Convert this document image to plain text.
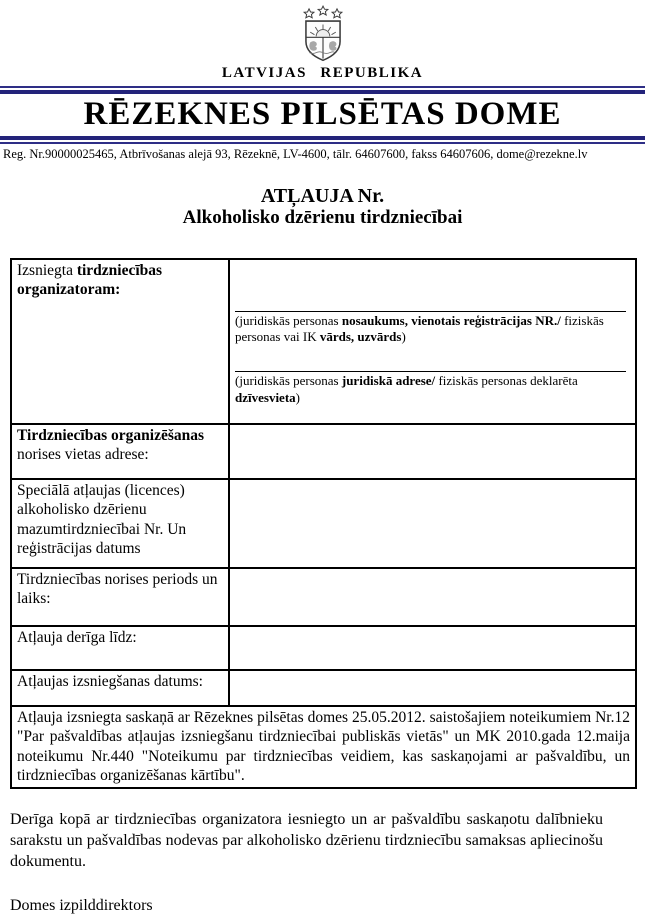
LATVIJAS REPUBLIKA
RĒZEKNES PILSĒTAS DOME
Reg. Nr.90000025465, Atbrīvošanas alejā 93, Rēzeknē, LV-4600, tālr. 64607600, fakss 64607606, dome@rezekne.lv
ATĻAUJA Nr.
Alkoholisko dzērienu tirdzniecībai
Izsniegta tirdzniecības organizatoram:	(juridiskās personas nosaukums, vienotais reģistrācijas NR./ fiziskās personas vai IK vārds, uzvārds)
(juridiskās personas juridiskā adrese/ fiziskās personas deklarēta dzīvesvieta)

Tirdzniecības organizēšanas
norises vietas adrese:	
Speciālā atļaujas (licences) alkoholisko dzērienu mazumtirdzniecībai Nr. Un reģistrācijas datums	
Tirdzniecības norises periods un laiks:	
Atļauja derīga līdz:	
Atļaujas izsniegšanas datums:	
Atļauja izsniegta saskaņā ar Rēzeknes pilsētas domes 25.05.2012. saistošajiem noteikumiem Nr.12 "Par pašvaldības atļaujas izsniegšanu tirdzniecībai publiskās vietās" un MK 2010.gada 12.maija noteikumu Nr.440 "Noteikumu par tirdzniecības veidiem, kas saskaņojami ar pašvaldību, un tirdzniecības organizēšanas kārtību".	
Derīga kopā ar tirdzniecības organizatora iesniegto un ar pašvaldību saskaņotu dalībnieku sarakstu un pašvaldības nodevas par alkoholisko dzērienu tirdzniecību samaksas apliecinošu dokumentu.
Domes izpilddirektors
